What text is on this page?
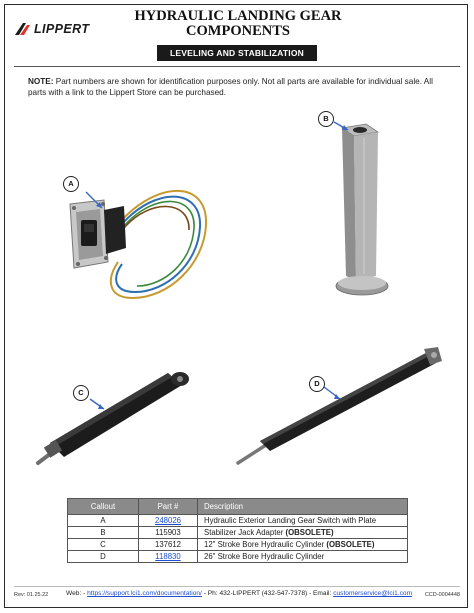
LIPPERT
HYDRAULIC LANDING GEAR
COMPONENTS
LEVELING AND STABILIZATION
NOTE: Part numbers are shown for identification purposes only. Not all parts are available for individual sale. All parts with a link to the Lippert Store can be purchased.
A
B
C
D
Callout	Part #	Description
A	248026	Hydraulic Exterior Landing Gear Switch with Plate
B	115903	Stabilizer Jack Adapter (OBSOLETE)
C	137612	12" Stroke Bore Hydraulic Cylinder (OBSOLETE)
D	118830	26" Stroke Bore Hydraulic Cylinder
Rev: 01.25.22	Web: - https://support.lci1.com/documentation/ - Ph: 432-LIPPERT (432-547-7378) - Email: customerservice@lci1.com CCD-0004448
